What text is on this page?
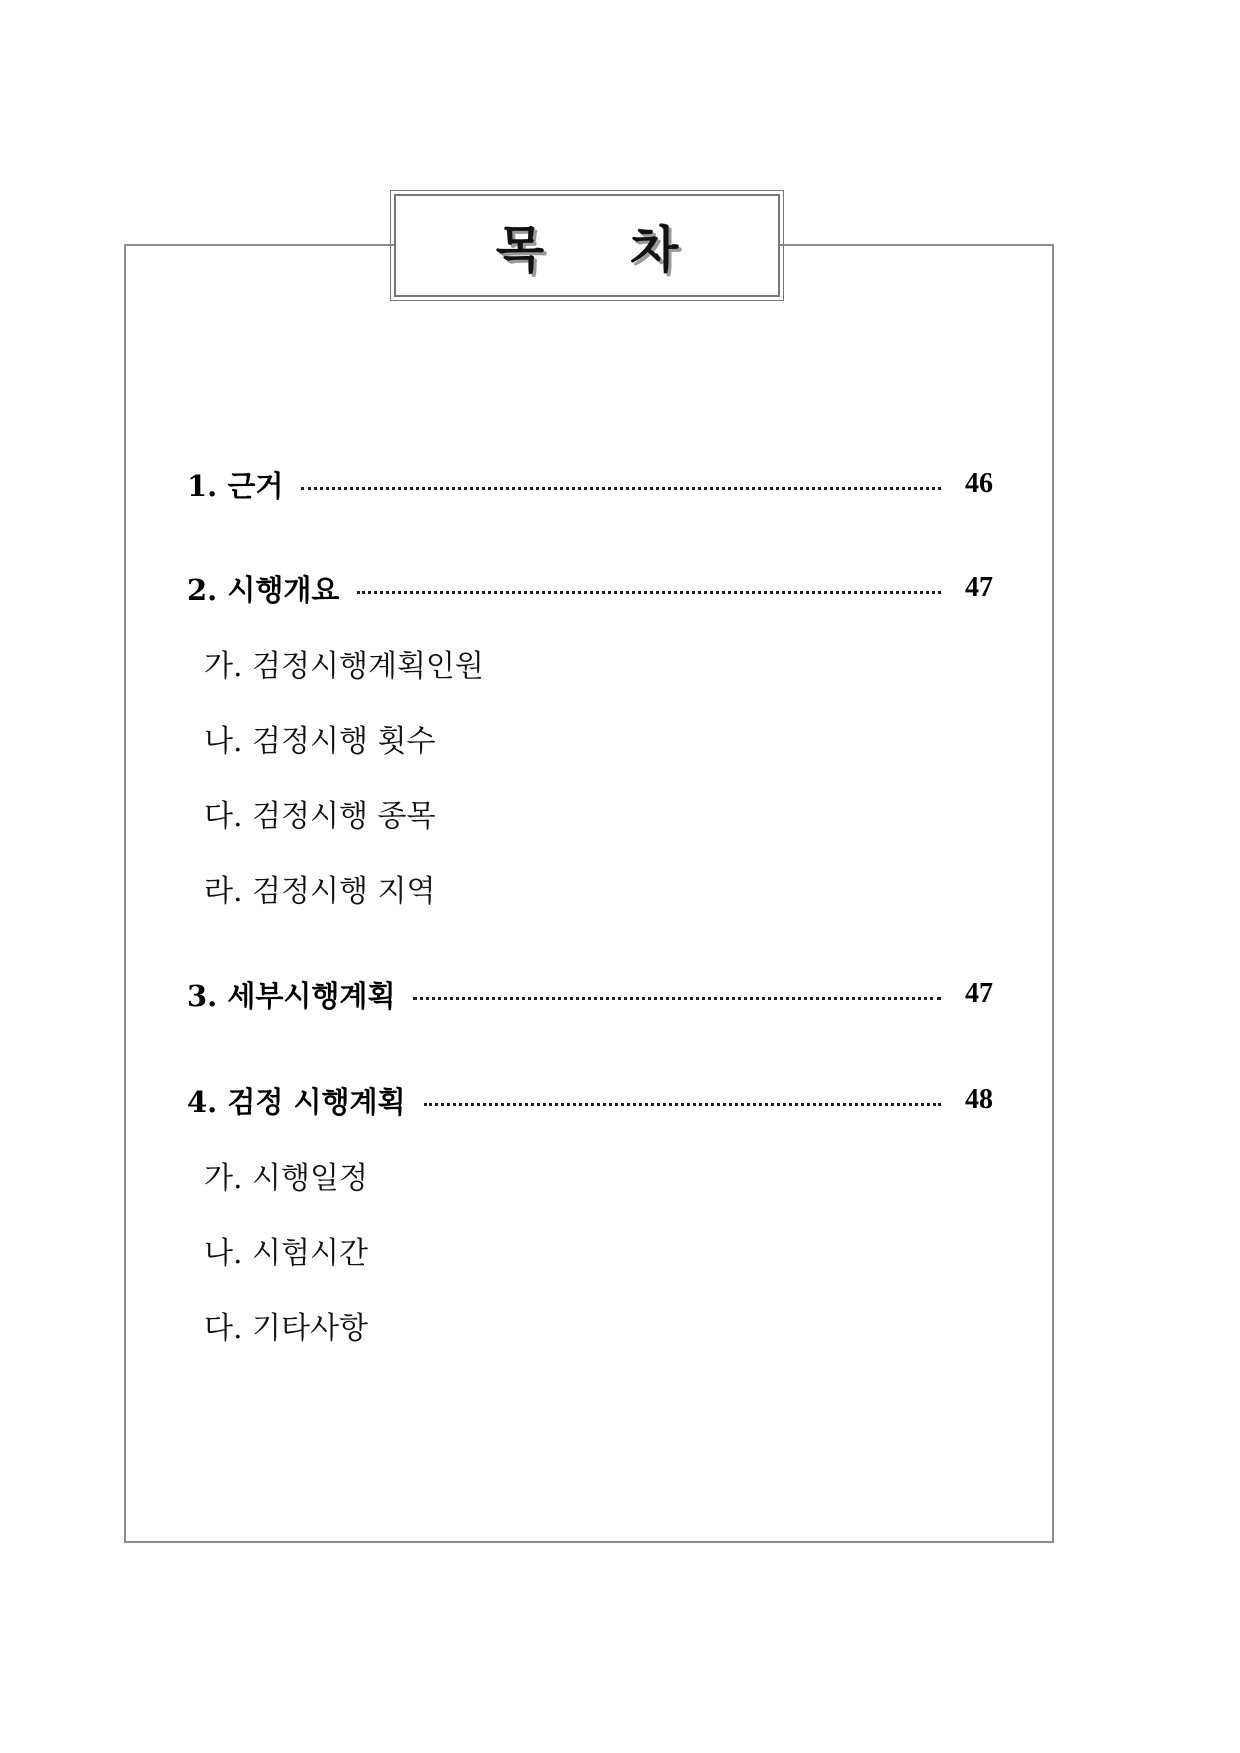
목 차
1. 근거	46
2. 시행개요	47
가. 검정시행계획인원
나. 검정시행 횟수
다. 검정시행 종목
라. 검정시행 지역
3. 세부시행계획	47
4. 검정 시행계획	48
가. 시행일정
나. 시험시간
다. 기타사항
